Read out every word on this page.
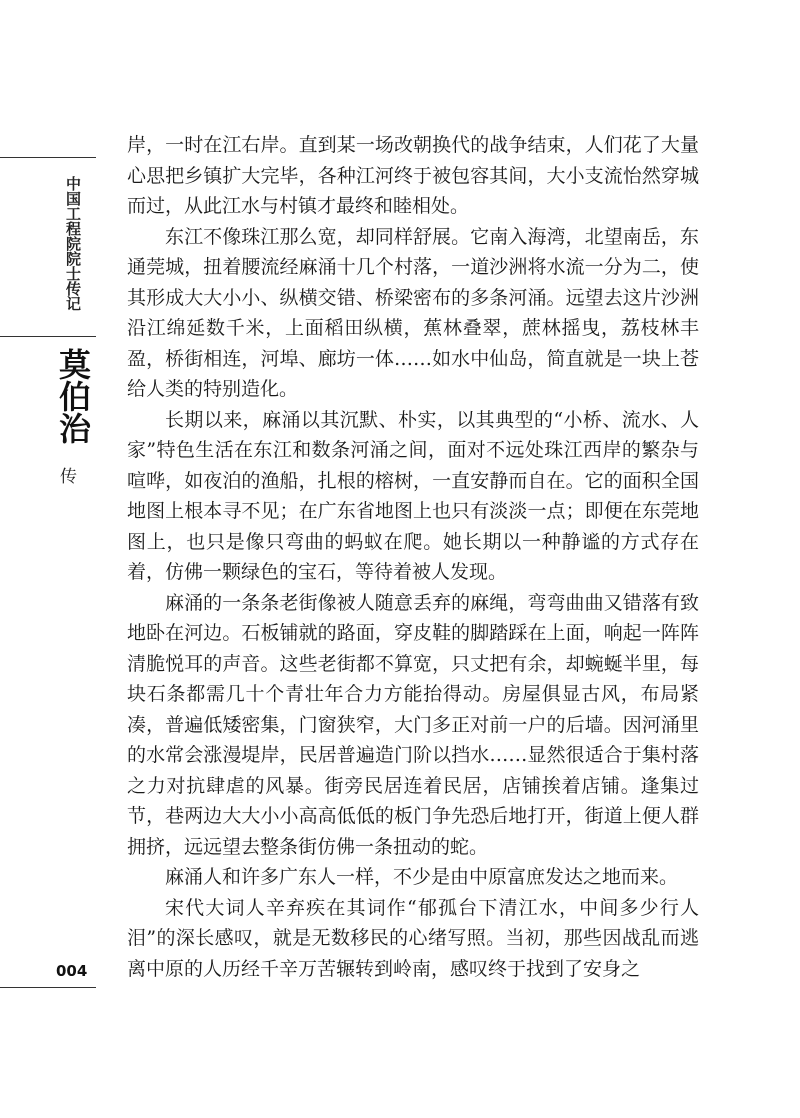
中国工程院院士传记
莫伯治
传
004

岸，一时在江右岸。直到某一场改朝换代的战争结束，人们花了大量心思把乡镇扩大完毕，各种江河终于被包容其间，大小支流怡然穿城而过，从此江水与村镇才最终和睦相处。

东江不像珠江那么宽，却同样舒展。它南入海湾，北望南岳，东通莞城，扭着腰流经麻涌十几个村落，一道沙洲将水流一分为二，使其形成大大小小、纵横交错、桥梁密布的多条河涌。远望去这片沙洲沿江绵延数千米，上面稻田纵横，蕉林叠翠，蔗林摇曳，荔枝林丰盈，桥街相连，河埠、廊坊一体……如水中仙岛，简直就是一块上苍给人类的特别造化。

长期以来，麻涌以其沉默、朴实，以其典型的“小桥、流水、人家”特色生活在东江和数条河涌之间，面对不远处珠江西岸的繁杂与喧哗，如夜泊的渔船，扎根的榕树，一直安静而自在。它的面积全国地图上根本寻不见；在广东省地图上也只有淡淡一点；即便在东莞地图上，也只是像只弯曲的蚂蚁在爬。她长期以一种静谧的方式存在着，仿佛一颗绿色的宝石，等待着被人发现。

麻涌的一条条老街像被人随意丢弃的麻绳，弯弯曲曲又错落有致地卧在河边。石板铺就的路面，穿皮鞋的脚踏踩在上面，响起一阵阵清脆悦耳的声音。这些老街都不算宽，只丈把有余，却蜿蜒半里，每块石条都需几十个青壮年合力方能抬得动。房屋俱显古风，布局紧凑，普遍低矮密集，门窗狭窄，大门多正对前一户的后墙。因河涌里的水常会涨漫堤岸，民居普遍造门阶以挡水……显然很适合于集村落之力对抗肆虐的风暴。街旁民居连着民居，店铺挨着店铺。逢集过节，巷两边大大小小高高低低的板门争先恐后地打开，街道上便人群拥挤，远远望去整条街仿佛一条扭动的蛇。

麻涌人和许多广东人一样，不少是由中原富庶发达之地而来。

宋代大词人辛弃疾在其词作“郁孤台下清江水，中间多少行人泪”的深长感叹，就是无数移民的心绪写照。当初，那些因战乱而逃离中原的人历经千辛万苦辗转到岭南，感叹终于找到了安身之
